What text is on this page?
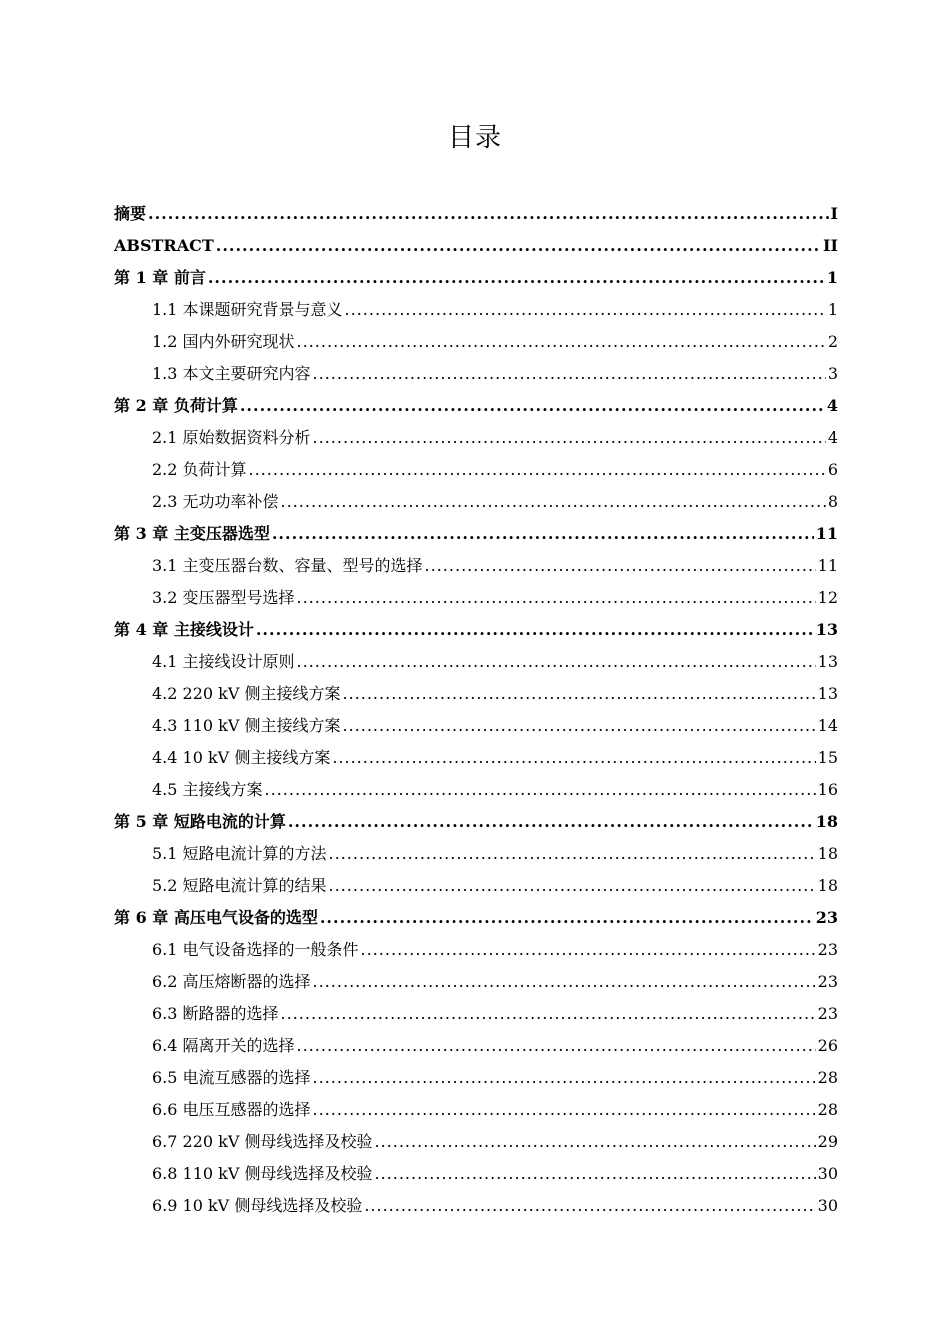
目录
摘要 .....	I
ABSTRACT .....	II
第 1 章 前言 .....	1
1.1 本课题研究背景与意义 .....	1
1.2 国内外研究现状 .....	2
1.3 本文主要研究内容 .....	3
第 2 章 负荷计算 .....	4
2.1 原始数据资料分析 .....	4
2.2 负荷计算 .....	6
2.3 无功功率补偿 .....	8
第 3 章 主变压器选型 .....	11
3.1 主变压器台数、容量、型号的选择 .....	11
3.2 变压器型号选择 .....	12
第 4 章 主接线设计 .....	13
4.1 主接线设计原则 .....	13
4.2 220 kV 侧主接线方案 .....	13
4.3 110 kV 侧主接线方案 .....	14
4.4 10 kV 侧主接线方案 .....	15
4.5 主接线方案 .....	16
第 5 章 短路电流的计算 .....	18
5.1 短路电流计算的方法 .....	18
5.2 短路电流计算的结果 .....	18
第 6 章 高压电气设备的选型 .....	23
6.1 电气设备选择的一般条件 .....	23
6.2 高压熔断器的选择 .....	23
6.3 断路器的选择 .....	23
6.4 隔离开关的选择 .....	26
6.5 电流互感器的选择 .....	28
6.6 电压互感器的选择 .....	28
6.7 220 kV 侧母线选择及校验 .....	29
6.8 110 kV 侧母线选择及校验 .....	30
6.9 10 kV 侧母线选择及校验 .....	30
